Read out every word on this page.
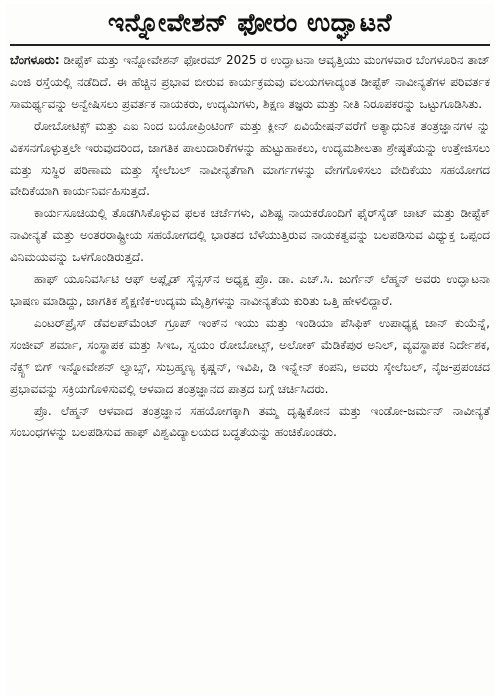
ಇನ್ನೋವೇಶನ್ ಫೋರಂ ಉದ್ಘಾಟನೆ

ಬೆಂಗಳೂರು: ಡೀಪ್ಟೆಕ್ ಮತ್ತು ಇನ್ನೋವೇಶನ್ ಫೋರಮ್ 2025 ರ ಉದ್ಘಾಟನಾ ಆವೃತ್ತಿಯು ಮಂಗಳವಾರ ಬೆಂಗಳೂರಿನ ತಾಜ್ ಎಂಜಿ ರಸ್ತೆಯಲ್ಲಿ ನಡೆದಿದೆ. ಈ ಹೆಚ್ಚಿನ ಪ್ರಭಾವ ಬೀರುವ ಕಾರ್ಯಕ್ರಮವು ವಲಯಗಳಾದ್ಯಂತ ಡೀಪ್ಟೆಕ್ ನಾವೀನ್ಯತೆಗಳ ಪರಿವರ್ತಕ ಸಾಮರ್ಥ್ಯವನ್ನು ಅನ್ವೇಷಿಸಲು ಪ್ರವರ್ತಕ ನಾಯಕರು, ಉದ್ಯಮಿಗಳು, ಶಿಕ್ಷಣ ತಜ್ಞರು ಮತ್ತು ನೀತಿ ನಿರೂಪಕರನ್ನು ಒಟ್ಟುಗೂಡಿಸಿತು.

ರೋಬೋಟಿಕ್ಸ್ ಮತ್ತು ಎಐ ನಿಂದ ಬಯೋಪ್ರಿಂಟಿಂಗ್ ಮತ್ತು ಕ್ಲೀನ್ ಏವಿಯೇಷನ್‌ವರೆಗೆ ಅತ್ಯಾಧುನಿಕ ತಂತ್ರಜ್ಞಾನಗಳ ನ್ನು ವಿಕಸನಗೊಳ್ಳುತ್ತಲೇ ಇರುವುದರಿಂದ, ಜಾಗತಿಕ ಪಾಲುದಾರಿಕೆಗಳನ್ನು ಹುಟ್ಟುಹಾಕಲು, ಉದ್ಯಮಶೀಲತಾ ಶ್ರೇಷ್ಠತೆಯನ್ನು ಉತ್ತೇಜಿಸಲು ಮತ್ತು ಸುಸ್ಥಿರ ಪರಿಣಾಮ ಮತ್ತು ಸ್ಕೇಲೆಬಲ್ ನಾವೀನ್ಯತೆಗಾಗಿ ಮಾರ್ಗಗಳನ್ನು ವೇಗಗೊಳಿಸಲು ವೇದಿಕೆಯು ಸಹಯೋಗದ ವೇದಿಕೆಯಾಗಿ ಕಾರ್ಯನಿರ್ವಹಿಸುತ್ತದೆ.

ಕಾರ್ಯಸೂಚಿಯಲ್ಲಿ ತೊಡಗಿಸಿಕೊಳ್ಳುವ ಫಲಕ ಚರ್ಚೆಗಳು, ವಿಶಿಷ್ಟ ನಾಯಕರೊಂದಿಗೆ ಫೈರ್‌ಸೈಡ್ ಚಾಟ್ ಮತ್ತು ಡೀಪ್ಟೆಕ್ ನಾವೀನ್ಯತೆ ಮತ್ತು ಅಂತರರಾಷ್ಟ್ರೀಯ ಸಹಯೋಗದಲ್ಲಿ ಭಾರತದ ಬೆಳೆಯುತ್ತಿರುವ ನಾಯಕತ್ವವನ್ನು ಬಲಪಡಿಸುವ ವಿಧ್ಯುಕ್ತ ಒಪ್ಪಂದ ವಿನಿಮಯವನ್ನು ಒಳಗೊಂಡಿರುತ್ತದೆ.

ಹಾಫ್ ಯೂನಿವರ್ಸಿಟಿ ಆಫ್ ಅಪ್ಲೈಡ್ ಸೈನ್ಸಸ್‌ನ ಅಧ್ಯಕ್ಷ ಪ್ರೊ. ಡಾ. ಎಚ್.ಸಿ. ಜುರ್ಗೆನ್ ಲೆಹ್ಮನ್ ಅವರು ಉದ್ಘಾಟನಾ ಭಾಷಣ ಮಾಡಿದ್ದು, ಜಾಗತಿಕ ಶೈಕ್ಷಣಿಕ-ಉದ್ಯಮ ಮೈತ್ರಿಗಳನ್ನು ನಾವೀನ್ಯತೆಯ ಕುರಿತು ಒತ್ತಿ ಹೇಳಲಿದ್ದಾರೆ.

ಎಂಟರ್‌ಪ್ರೈಸ್ ಡೆವಲಪ್‌ಮೆಂಟ್ ಗ್ರೂಪ್ ಇಂಕ್‌ನ ಇಯು ಮತ್ತು ಇಂಡಿಯಾ ಪೆಸಿಫಿಕ್ ಉಪಾಧ್ಯಕ್ಷ ಜಾನ್ ಕುಯೆನ್ನೆ, ಸಂಜೀವ್ ಶರ್ಮಾ, ಸಂಸ್ಥಾಪಕ ಮತ್ತು ಸಿಇಒ, ಸ್ವಯಂ ರೋಬೋಟ್ಸ್, ಅಲೋಕ್ ಮೆಡಿಕೆಪುರ ಅನಿಲ್, ವ್ಯವಸ್ಥಾಪಕ ನಿರ್ದೇಶಕ, ನೆಕ್ಸ್ಟ್ ಬಿಗ್ ಇನ್ನೋವೇಶನ್ ಲ್ಯಾಬ್ಸ್, ಸುಬ್ರಹ್ಮಣ್ಯ ಕೃಷ್ಣನ್, ಇವಿಪಿ, ಡಿ ಇನ್ಫ್ಲೇನ್ ಕಂಪನಿ, ಅವರು ಸ್ಕೇಲೆಬಲ್, ನೈಜ-ಪ್ರಪಂಚದ ಪ್ರಭಾವವನ್ನು ಸಕ್ರಿಯಗೊಳಿಸುವಲ್ಲಿ ಆಳವಾದ ತಂತ್ರಜ್ಞಾನದ ಪಾತ್ರದ ಬಗ್ಗೆ ಚರ್ಚಿಸಿದರು.

ಪ್ರೊ. ಲೆಹ್ಮನ್ ಆಳವಾದ ತಂತ್ರಜ್ಞಾನ ಸಹಯೋಗಕ್ಕಾಗಿ ತಮ್ಮ ದೃಷ್ಟಿಕೋನ ಮತ್ತು ಇಂಡೋ-ಜರ್ಮನ್ ನಾವೀನ್ಯತೆ ಸಂಬಂಧಗಳನ್ನು ಬಲಪಡಿಸುವ ಹಾಫ್ ವಿಶ್ವವಿದ್ಯಾಲಯದ ಬದ್ಧತೆಯನ್ನು ಹಂಚಿಕೊಂಡರು.
